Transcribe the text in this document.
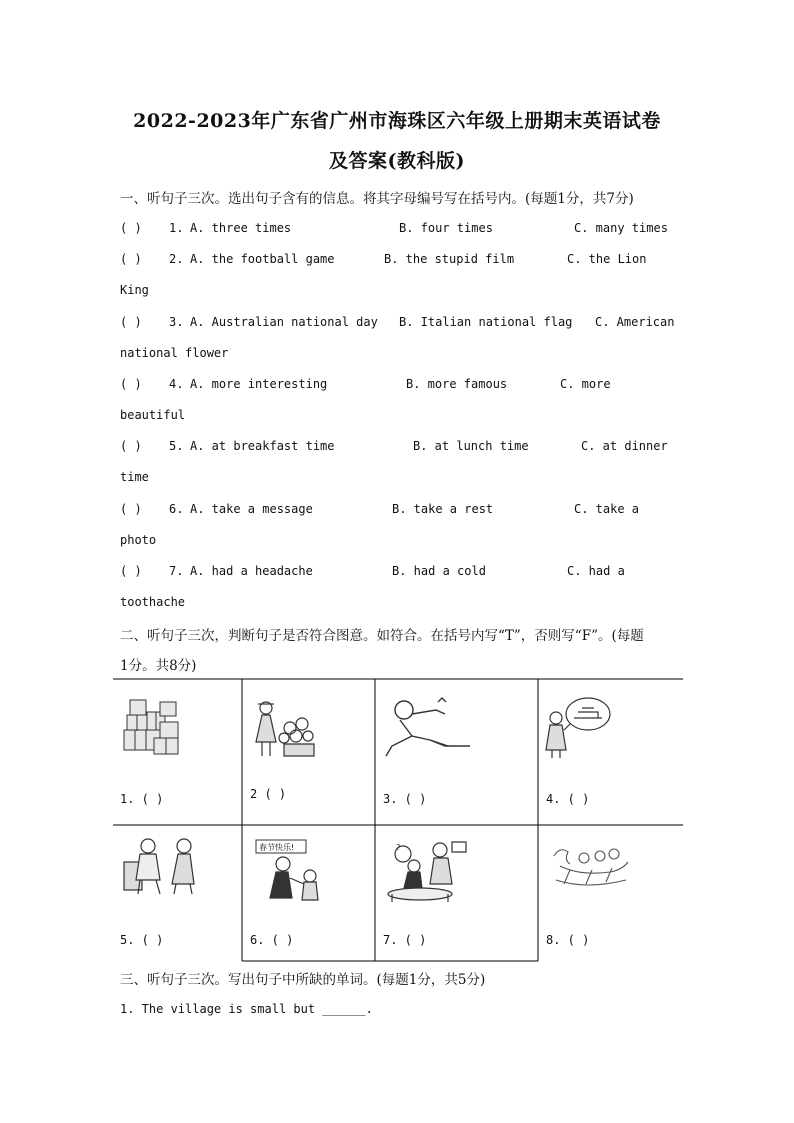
2022-2023年广东省广州市海珠区六年级上册期末英语试卷
及答案(教科版)
一、听句子三次。选出句子含有的信息。将其字母编号写在括号内。(每题1分，共7分)
( ) 1. A. three times	B. four times	C. many times
( ) 2. A. the football game	B. the stupid film	C. the Lion
King
( ) 3. A. Australian national day B. Italian national flag C. American
national flower
( ) 4. A. more interesting	B. more famous	C. more
beautiful
( ) 5. A. at breakfast time	B. at lunch time	C. at dinner
time
( ) 6. A. take a message	B. take a rest	C. take a
photo
( ) 7. A. had a headache	B. had a cold	C. had a
toothache
二、听句子三次，判断句子是否符合图意。如符合。在括号内写“T”，否则写“F”。(每题
1分。共8分)
春节快乐!	?
1. ( )	2 ( )	3. ( )	4. ( )
5. ( )	6. ( )	7. ( )	8. ( )
三、听句子三次。写出句子中所缺的单词。(每题1分，共5分)
1. The village is small but ______.
